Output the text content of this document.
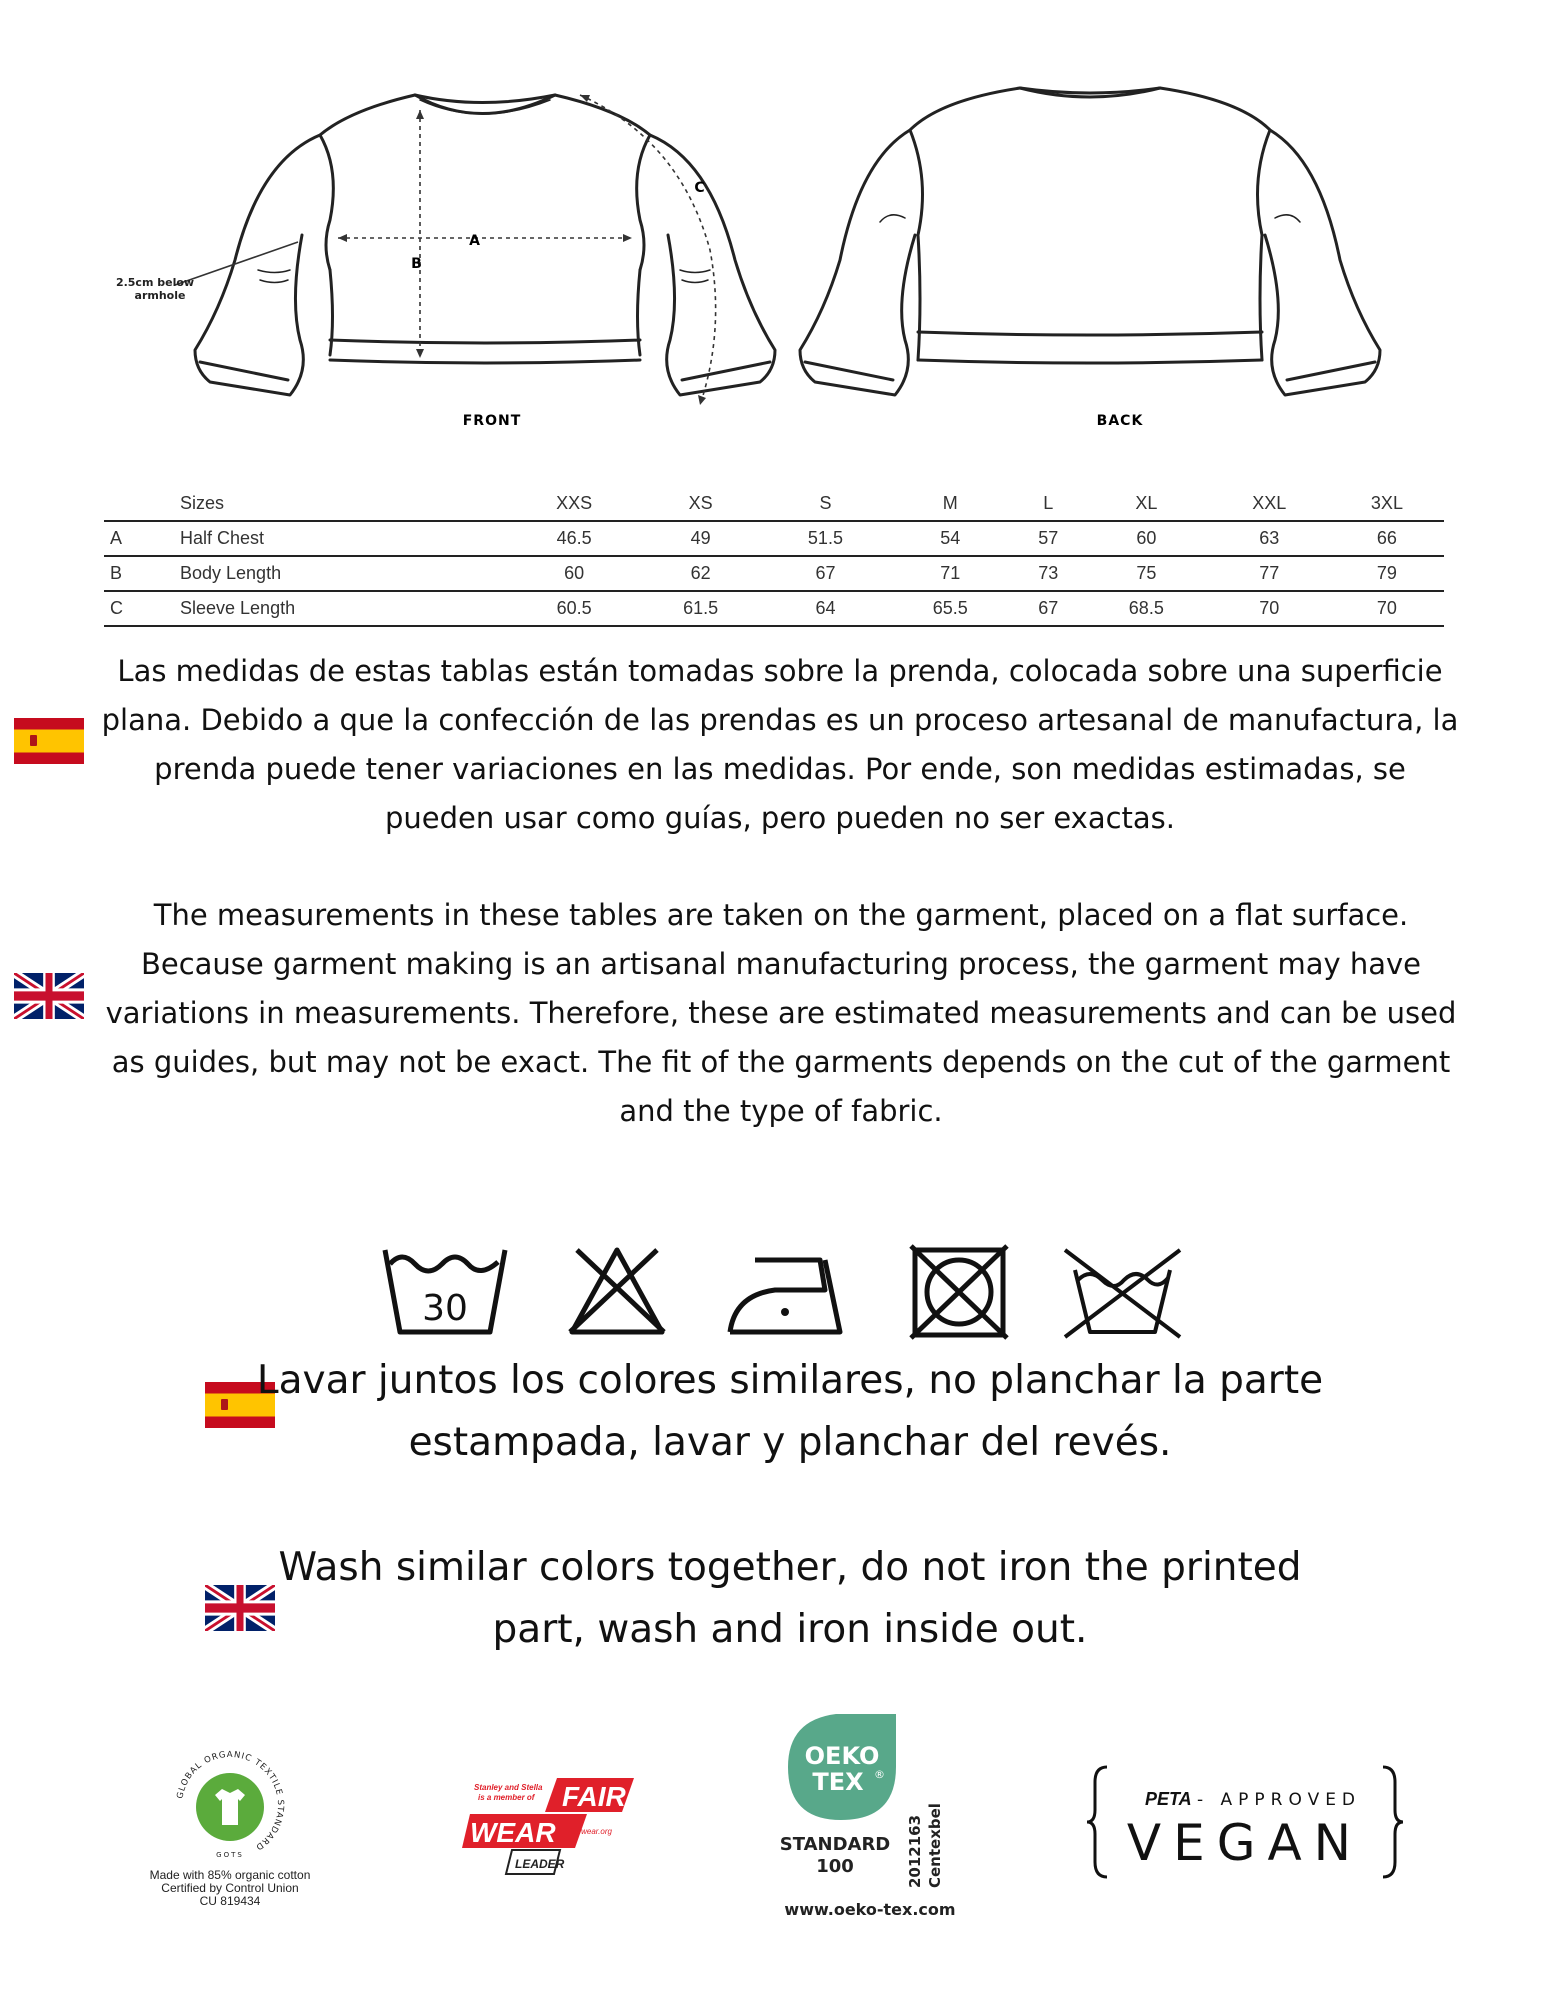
A
B
C
2.5cm below
armhole
FRONT	BACK
	Sizes	XXS	XS	S	M	L	XL	XXL	3XL
A	Half Chest	46.5	49	51.5	54	57	60	63	66
B	Body Length	60	62	67	71	73	75	77	79
C	Sleeve Length	60.5	61.5	64	65.5	67	68.5	70	70

Las medidas de estas tablas están tomadas sobre la prenda, colocada sobre una superficie plana. Debido a que la confección de las prendas es un proceso artesanal de manufactura, la prenda puede tener variaciones en las medidas. Por ende, son medidas estimadas, se pueden usar como guías, pero pueden no ser exactas.

The measurements in these tables are taken on the garment, placed on a flat surface. Because garment making is an artisanal manufacturing process, the garment may have variations in measurements. Therefore, these are estimated measurements and can be used as guides, but may not be exact. The fit of the garments depends on the cut of the garment and the type of fabric.

30

Lavar juntos los colores similares, no planchar la parte estampada, lavar y planchar del revés.

Wash similar colors together, do not iron the printed part, wash and iron inside out.

GLOBAL ORGANIC TEXTILE STANDARD
GOTS
Made with 85% organic cotton
Certified by Control Union
CU 819434
Stanley and Stella
is a member of FAIR
WEAR fairwear.org
LEADER
OEKO
TEX ®
STANDARD
100	2012163 Centexbel
www.oeko-tex.com
PETA - APPROVED
VEGAN
